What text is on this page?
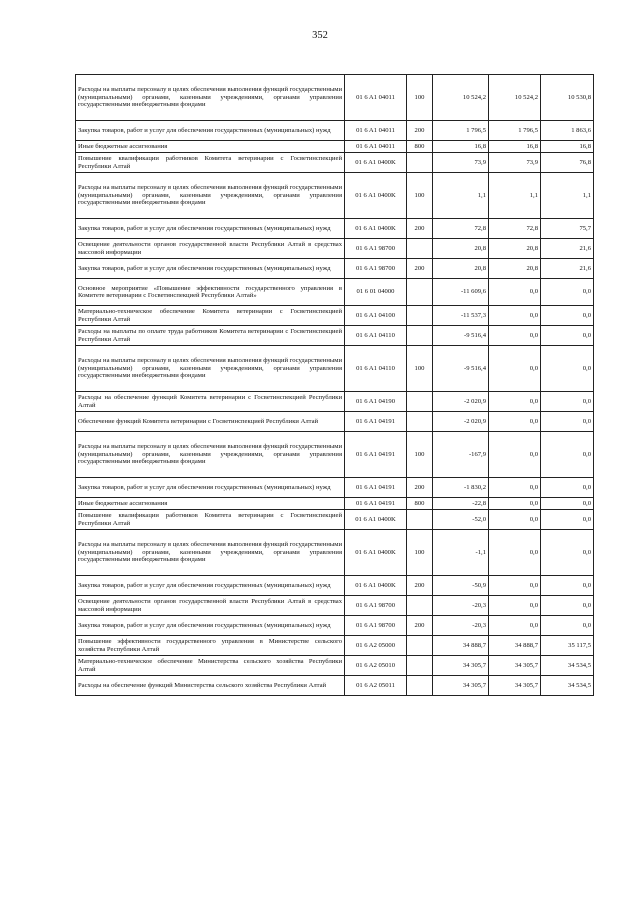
352
Расходы на выплаты персоналу в целях обеспечения выполнения функций государственными (муниципальными) органами, казенными учреждениями, органами управления государственными внебюджетными фондами	01 6 A1 04011	100	10 524,2	10 524,2	10 530,8
Закупка товаров, работ и услуг для обеспечения государственных (муниципальных) нужд	01 6 A1 04011	200	1 796,5	1 796,5	1 863,6
Иные бюджетные ассигнования	01 6 A1 04011	800	16,8	16,8	16,8
Повышение квалификации работников Комитета ветеринарии с Госветинспекцией Республики Алтай	01 6 A1 0400K		73,9	73,9	76,8
Расходы на выплаты персоналу в целях обеспечения выполнения функций государственными (муниципальными) органами, казенными учреждениями, органами управления государственными внебюджетными фондами	01 6 A1 0400K	100	1,1	1,1	1,1
Закупка товаров, работ и услуг для обеспечения государственных (муниципальных) нужд	01 6 A1 0400K	200	72,8	72,8	75,7
Освещение деятельности органов государственной власти Республики Алтай в средствах массовой информации	01 6 A1 98700		20,8	20,8	21,6
Закупка товаров, работ и услуг для обеспечения государственных (муниципальных) нужд	01 6 A1 98700	200	20,8	20,8	21,6
Основное мероприятие «Повышение эффективности государственного управления в Комитете ветеринарии с Госветинспекцией Республики Алтай»	01 6 01 04000		-11 609,6	0,0	0,0
Материально-техническое обеспечение Комитета ветеринарии с Госветинспекцией Республики Алтай	01 6 A1 04100		-11 537,3	0,0	0,0
Расходы на выплаты по оплате труда работников Комитета ветеринарии с Госветинспекцией Республики Алтай	01 6 A1 04110		-9 516,4	0,0	0,0
Расходы на выплаты персоналу в целях обеспечения выполнения функций государственными (муниципальными) органами, казенными учреждениями, органами управления государственными внебюджетными фондами	01 6 A1 04110	100	-9 516,4	0,0	0,0
Расходы на обеспечение функций Комитета ветеринарии с Госветинспекцией Республики Алтай	01 6 A1 04190		-2 020,9	0,0	0,0
Обеспечение функций Комитета ветеринарии с Госветинспекцией Республики Алтай	01 6 A1 04191		-2 020,9	0,0	0,0
Расходы на выплаты персоналу в целях обеспечения выполнения функций государственными (муниципальными) органами, казенными учреждениями, органами управления государственными внебюджетными фондами	01 6 A1 04191	100	-167,9	0,0	0,0
Закупка товаров, работ и услуг для обеспечения государственных (муниципальных) нужд	01 6 A1 04191	200	-1 830,2	0,0	0,0
Иные бюджетные ассигнования	01 6 A1 04191	800	-22,8	0,0	0,0
Повышение квалификации работников Комитета ветеринарии с Госветинспекцией Республики Алтай	01 6 A1 0400K		-52,0	0,0	0,0
Расходы на выплаты персоналу в целях обеспечения выполнения функций государственными (муниципальными) органами, казенными учреждениями, органами управления государственными внебюджетными фондами	01 6 A1 0400K	100	-1,1	0,0	0,0
Закупка товаров, работ и услуг для обеспечения государственных (муниципальных) нужд	01 6 A1 0400K	200	-50,9	0,0	0,0
Освещение деятельности органов государственной власти Республики Алтай в средствах массовой информации	01 6 A1 98700		-20,3	0,0	0,0
Закупка товаров, работ и услуг для обеспечения государственных (муниципальных) нужд	01 6 A1 98700	200	-20,3	0,0	0,0
Повышение эффективности государственного управления в Министерстве сельского хозяйства Республики Алтай	01 6 A2 05000		34 888,7	34 888,7	35 117,5
Материально-техническое обеспечение Министерства сельского хозяйства Республики Алтай	01 6 A2 05010		34 305,7	34 305,7	34 534,5
Расходы на обеспечение функций Министерства сельского хозяйства Республики Алтай	01 6 A2 05011		34 305,7	34 305,7	34 534,5
